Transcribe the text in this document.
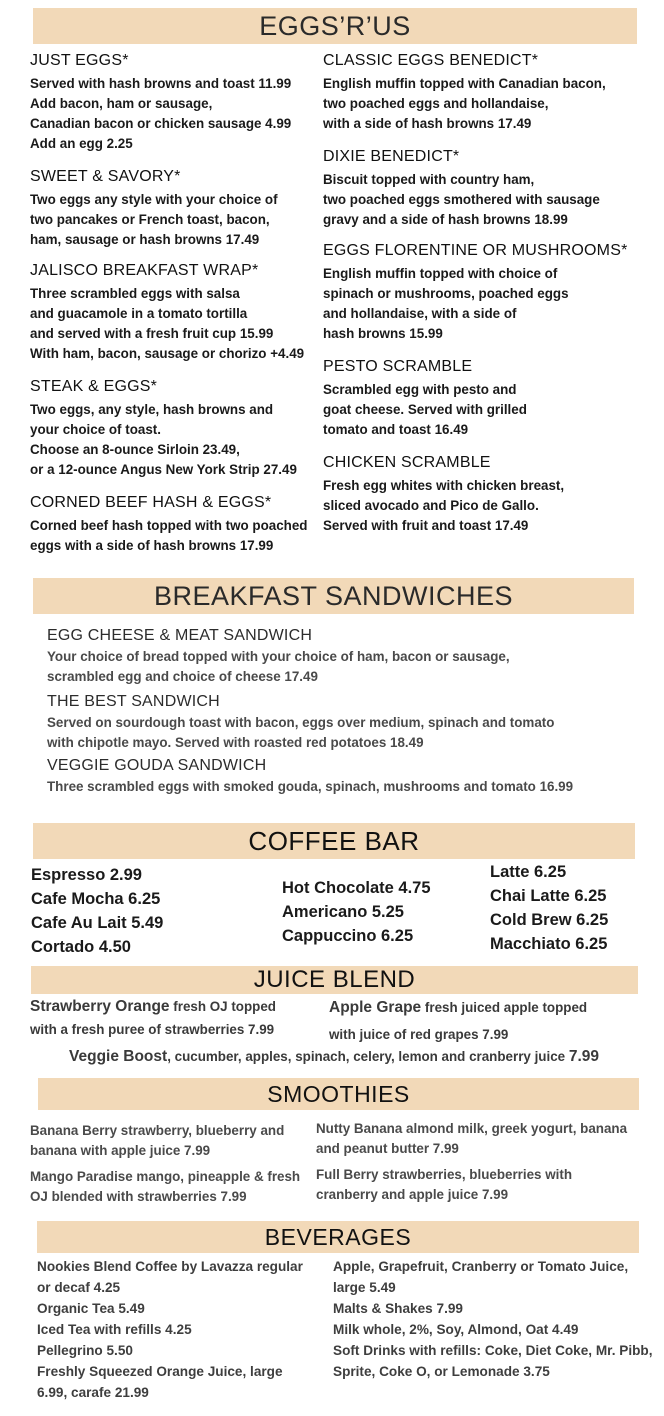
EGGS’R’US
JUST EGGS*
Served with hash browns and toast 11.99
Add bacon, ham or sausage,
Canadian bacon or chicken sausage 4.99
Add an egg 2.25
SWEET & SAVORY*
Two eggs any style with your choice of
two pancakes or French toast, bacon,
ham, sausage or hash browns 17.49
JALISCO BREAKFAST WRAP*
Three scrambled eggs with salsa
and guacamole in a tomato tortilla
and served with a fresh fruit cup 15.99
With ham, bacon, sausage or chorizo +4.49
STEAK & EGGS*
Two eggs, any style, hash browns and
your choice of toast.
Choose an 8-ounce Sirloin 23.49,
or a 12-ounce Angus New York Strip 27.49
CORNED BEEF HASH & EGGS*
Corned beef hash topped with two poached
eggs with a side of hash browns 17.99
CLASSIC EGGS BENEDICT*
English muffin topped with Canadian bacon,
two poached eggs and hollandaise,
with a side of hash browns 17.49
DIXIE BENEDICT*
Biscuit topped with country ham,
two poached eggs smothered with sausage
gravy and a side of hash browns 18.99
EGGS FLORENTINE OR MUSHROOMS*
English muffin topped with choice of
spinach or mushrooms, poached eggs
and hollandaise, with a side of
hash browns 15.99
PESTO SCRAMBLE
Scrambled egg with pesto and
goat cheese. Served with grilled
tomato and toast 16.49
CHICKEN SCRAMBLE
Fresh egg whites with chicken breast,
sliced avocado and Pico de Gallo.
Served with fruit and toast 17.49
BREAKFAST SANDWICHES
EGG CHEESE & MEAT SANDWICH
Your choice of bread topped with your choice of ham, bacon or sausage,
scrambled egg and choice of cheese 17.49
THE BEST SANDWICH
Served on sourdough toast with bacon, eggs over medium, spinach and tomato
with chipotle mayo. Served with roasted red potatoes 18.49
VEGGIE GOUDA SANDWICH
Three scrambled eggs with smoked gouda, spinach, mushrooms and tomato 16.99
COFFEE BAR
Espresso 2.99
Cafe Mocha 6.25
Cafe Au Lait 5.49
Cortado 4.50
Hot Chocolate 4.75
Americano 5.25
Cappuccino 6.25
Latte 6.25
Chai Latte 6.25
Cold Brew 6.25
Macchiato 6.25
JUICE BLEND
Strawberry Orange fresh OJ topped
with a fresh puree of strawberries 7.99
Apple Grape fresh juiced apple topped
with juice of red grapes 7.99
Veggie Boost, cucumber, apples, spinach, celery, lemon and cranberry juice 7.99
SMOOTHIES
Banana Berry strawberry, blueberry and
banana with apple juice 7.99
Mango Paradise mango, pineapple & fresh
OJ blended with strawberries 7.99
Nutty Banana almond milk, greek yogurt, banana
and peanut butter 7.99
Full Berry strawberries, blueberries with
cranberry and apple juice 7.99
BEVERAGES
Nookies Blend Coffee by Lavazza regular
or decaf 4.25
Organic Tea 5.49
Iced Tea with refills 4.25
Pellegrino 5.50
Freshly Squeezed Orange Juice, large
6.99, carafe 21.99
Apple, Grapefruit, Cranberry or Tomato Juice,
large 5.49
Malts & Shakes 7.99
Milk whole, 2%, Soy, Almond, Oat 4.49
Soft Drinks with refills: Coke, Diet Coke, Mr. Pibb,
Sprite, Coke O, or Lemonade 3.75
